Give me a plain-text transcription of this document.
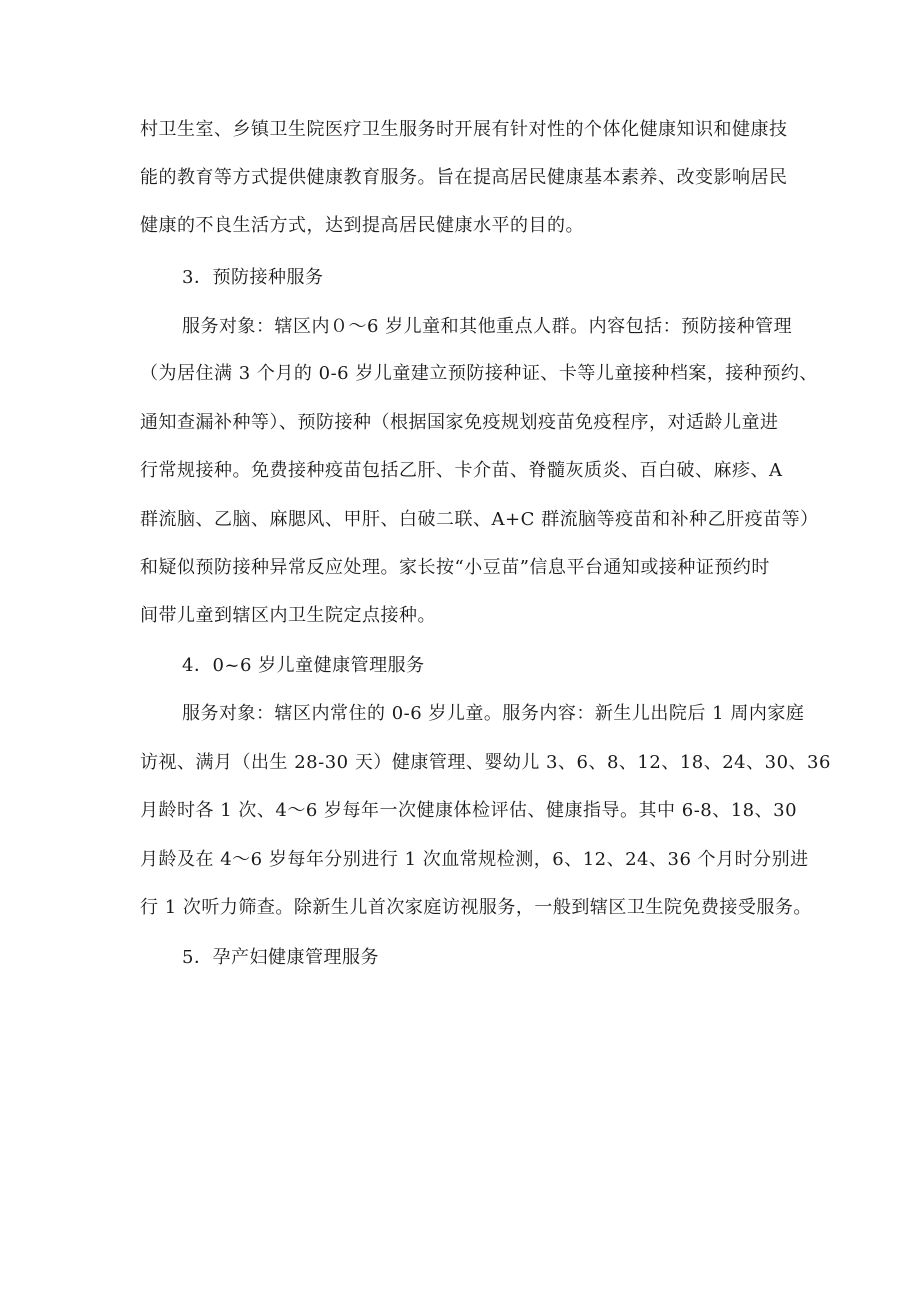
村卫生室、乡镇卫生院医疗卫生服务时开展有针对性的个体化健康知识和健康技
能的教育等方式提供健康教育服务。旨在提高居民健康基本素养、改变影响居民
健康的不良生活方式，达到提高居民健康水平的目的。
3．预防接种服务
服务对象：辖区内０～6 岁儿童和其他重点人群。内容包括：预防接种管理
（为居住满 3 个月的 0-6 岁儿童建立预防接种证、卡等儿童接种档案，接种预约、
通知查漏补种等）、预防接种（根据国家免疫规划疫苗免疫程序，对适龄儿童进
行常规接种。免费接种疫苗包括乙肝、卡介苗、脊髓灰质炎、百白破、麻疹、A
群流脑、乙脑、麻腮风、甲肝、白破二联、A+C 群流脑等疫苗和补种乙肝疫苗等）
和疑似预防接种异常反应处理。家长按“小豆苗”信息平台通知或接种证预约时
间带儿童到辖区内卫生院定点接种。
4．0~6 岁儿童健康管理服务
服务对象：辖区内常住的 0-6 岁儿童。服务内容：新生儿出院后 1 周内家庭
访视、满月（出生 28-30 天）健康管理、婴幼儿 3、6、8、12、18、24、30、36
月龄时各 1 次、4～6 岁每年一次健康体检评估、健康指导。其中 6-8、18、30
月龄及在 4～6 岁每年分别进行 1 次血常规检测，6、12、24、36 个月时分别进
行 1 次听力筛查。除新生儿首次家庭访视服务，一般到辖区卫生院免费接受服务。
5．孕产妇健康管理服务
